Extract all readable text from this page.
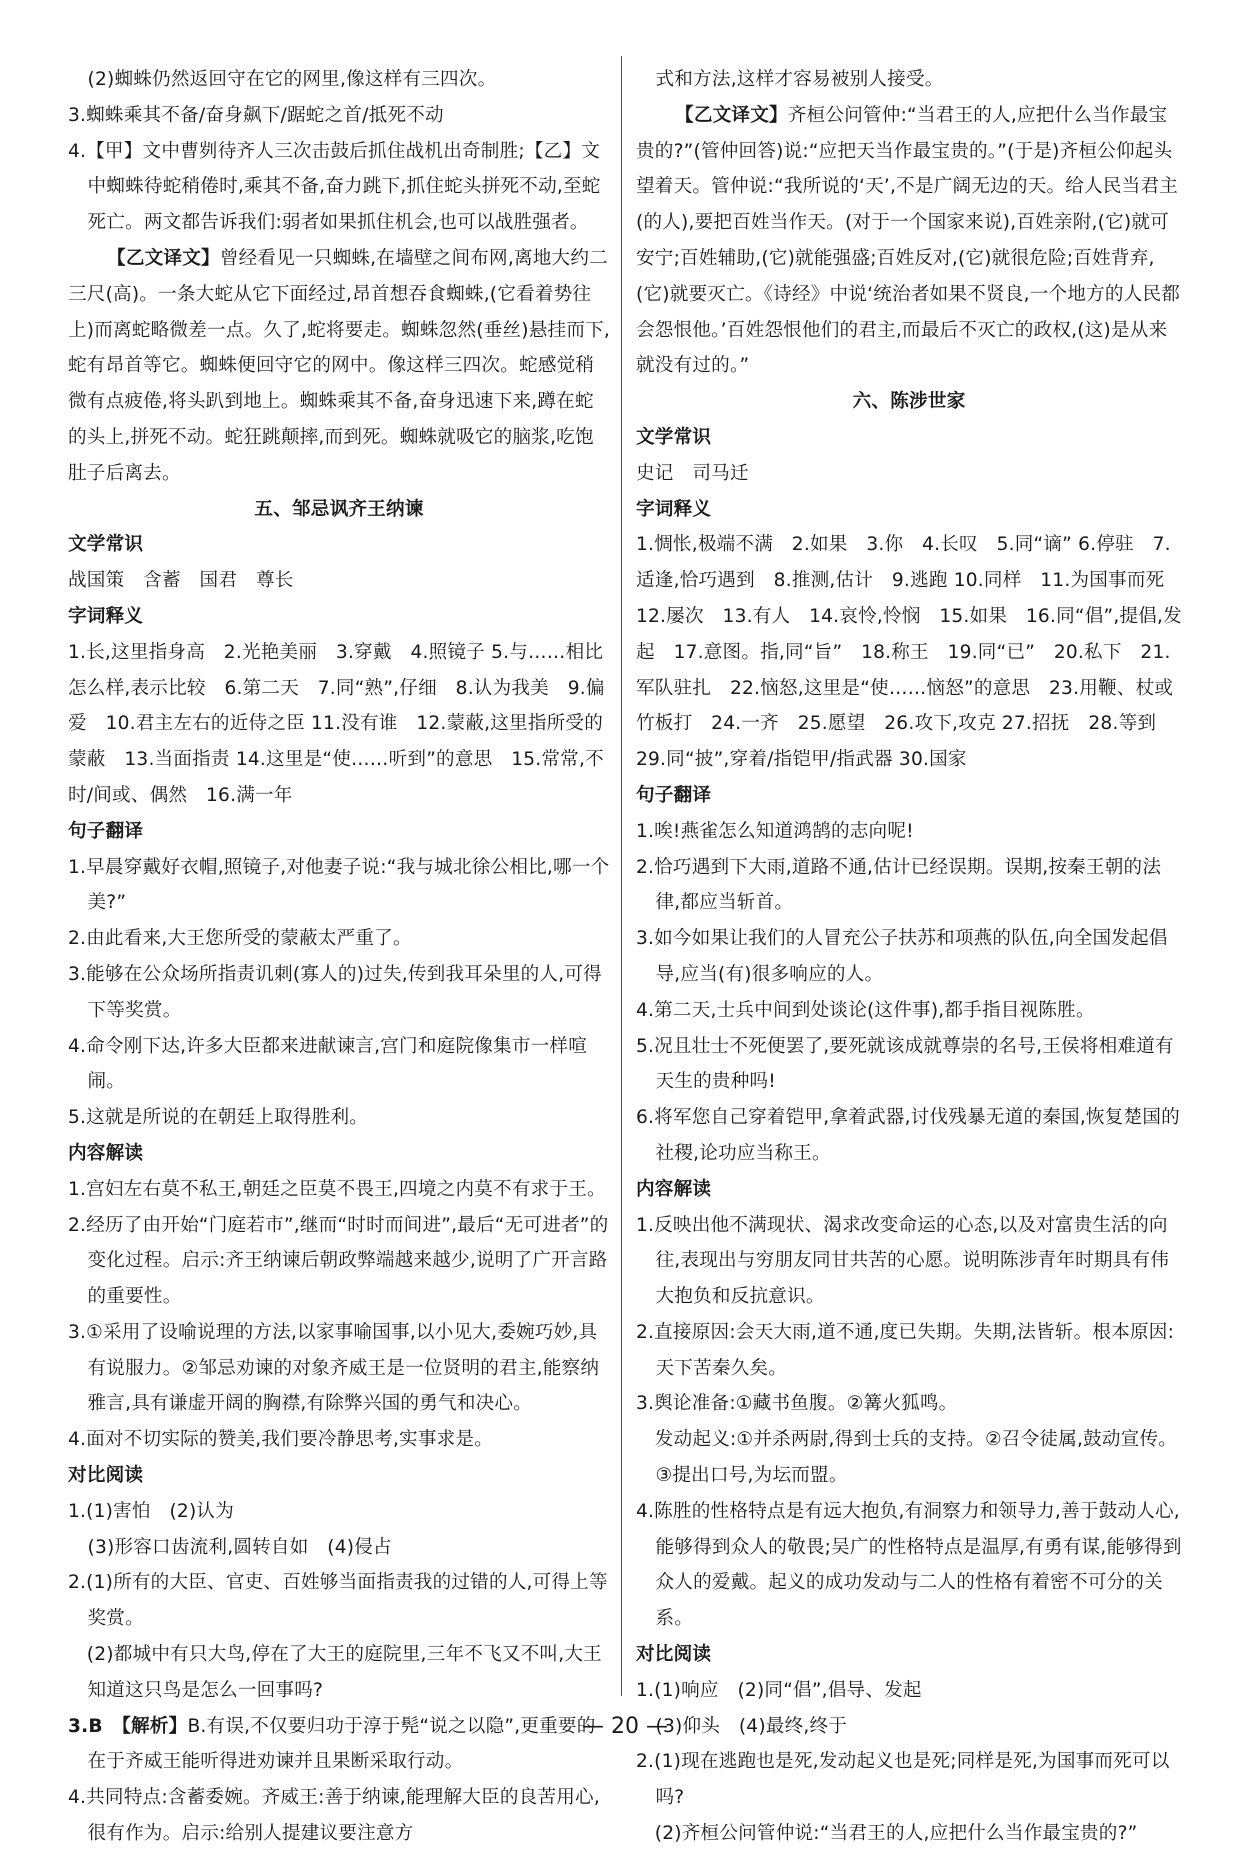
(2)蜘蛛仍然返回守在它的网里,像这样有三四次。
3.蜘蛛乘其不备/奋身飙下/踞蛇之首/抵死不动
4.【甲】文中曹刿待齐人三次击鼓后抓住战机出奇制胜;【乙】文中蜘蛛待蛇稍倦时,乘其不备,奋力跳下,抓住蛇头拼死不动,至蛇死亡。两文都告诉我们:弱者如果抓住机会,也可以战胜强者。
【乙文译文】曾经看见一只蜘蛛,在墙壁之间布网,离地大约二三尺(高)。一条大蛇从它下面经过,昂首想吞食蜘蛛,(它看着势往上)而离蛇略微差一点。久了,蛇将要走。蜘蛛忽然(垂丝)悬挂而下,蛇有昂首等它。蜘蛛便回守它的网中。像这样三四次。蛇感觉稍微有点疲倦,将头趴到地上。蜘蛛乘其不备,奋身迅速下来,蹲在蛇的头上,拼死不动。蛇狂跳颠摔,而到死。蜘蛛就吸它的脑浆,吃饱肚子后离去。
五、邹忌讽齐王纳谏
文学常识
战国策　含蓄　国君　尊长
字词释义
1.长,这里指身高　2.光艳美丽　3.穿戴　4.照镜子 5.与……相比怎么样,表示比较　6.第二天　7.同“熟”,仔细　8.认为我美　9.偏爱　10.君主左右的近侍之臣 11.没有谁　12.蒙蔽,这里指所受的蒙蔽　13.当面指责 14.这里是“使……听到”的意思　15.常常,不时/间或、偶然　16.满一年
句子翻译
1.早晨穿戴好衣帽,照镜子,对他妻子说:“我与城北徐公相比,哪一个美?”
2.由此看来,大王您所受的蒙蔽太严重了。
3.能够在公众场所指责讥刺(寡人的)过失,传到我耳朵里的人,可得下等奖赏。
4.命令刚下达,许多大臣都来进献谏言,宫门和庭院像集市一样喧闹。
5.这就是所说的在朝廷上取得胜利。
内容解读
1.宫妇左右莫不私王,朝廷之臣莫不畏王,四境之内莫不有求于王。
2.经历了由开始“门庭若市”,继而“时时而间进”,最后“无可进者”的变化过程。启示:齐王纳谏后朝政弊端越来越少,说明了广开言路的重要性。
3.①采用了设喻说理的方法,以家事喻国事,以小见大,委婉巧妙,具有说服力。②邹忌劝谏的对象齐威王是一位贤明的君主,能察纳雅言,具有谦虚开阔的胸襟,有除弊兴国的勇气和决心。
4.面对不切实际的赞美,我们要冷静思考,实事求是。
对比阅读
1.(1)害怕　(2)认为
(3)形容口齿流利,圆转自如　(4)侵占
2.(1)所有的大臣、官吏、百姓够当面指责我的过错的人,可得上等奖赏。
　(2)都城中有只大鸟,停在了大王的庭院里,三年不飞又不叫,大王知道这只鸟是怎么一回事吗?
3.B　【解析】B.有误,不仅要归功于淳于髡“说之以隐”,更重要的在于齐威王能听得进劝谏并且果断采取行动。
4.共同特点:含蓄委婉。齐威王:善于纳谏,能理解大臣的良苦用心,很有作为。启示:给别人提建议要注意方
式和方法,这样才容易被别人接受。
【乙文译文】齐桓公问管仲:“当君王的人,应把什么当作最宝贵的?”(管仲回答)说:“应把天当作最宝贵的。”(于是)齐桓公仰起头望着天。管仲说:“我所说的‘天’,不是广阔无边的天。给人民当君主(的人),要把百姓当作天。(对于一个国家来说),百姓亲附,(它)就可安宁;百姓辅助,(它)就能强盛;百姓反对,(它)就很危险;百姓背弃,(它)就要灭亡。《诗经》中说‘统治者如果不贤良,一个地方的人民都会怨恨他。’百姓怨恨他们的君主,而最后不灭亡的政权,(这)是从来就没有过的。”
六、陈涉世家
文学常识
史记　司马迁
字词释义
1.惆怅,极端不满　2.如果　3.你　4.长叹　5.同“谪” 6.停驻　7.适逢,恰巧遇到　8.推测,估计　9.逃跑 10.同样　11.为国事而死　12.屡次　13.有人　14.哀怜,怜悯　15.如果　16.同“倡”,提倡,发起　17.意图。指,同“旨”　18.称王　19.同“已”　20.私下　21.军队驻扎　22.恼怒,这里是“使……恼怒”的意思　23.用鞭、杖或竹板打　24.一齐　25.愿望　26.攻下,攻克 27.招抚　28.等到　29.同“披”,穿着/指铠甲/指武器 30.国家
句子翻译
1.唉!燕雀怎么知道鸿鹄的志向呢!
2.恰巧遇到下大雨,道路不通,估计已经误期。误期,按秦王朝的法律,都应当斩首。
3.如今如果让我们的人冒充公子扶苏和项燕的队伍,向全国发起倡导,应当(有)很多响应的人。
4.第二天,士兵中间到处谈论(这件事),都手指目视陈胜。
5.况且壮士不死便罢了,要死就该成就尊崇的名号,王侯将相难道有天生的贵种吗!
6.将军您自己穿着铠甲,拿着武器,讨伐残暴无道的秦国,恢复楚国的社稷,论功应当称王。
内容解读
1.反映出他不满现状、渴求改变命运的心态,以及对富贵生活的向往,表现出与穷朋友同甘共苦的心愿。说明陈涉青年时期具有伟大抱负和反抗意识。
2.直接原因:会天大雨,道不通,度已失期。失期,法皆斩。根本原因:天下苦秦久矣。
3.舆论准备:①藏书鱼腹。②篝火狐鸣。
　发动起义:①并杀两尉,得到士兵的支持。②召令徒属,鼓动宣传。③提出口号,为坛而盟。
4.陈胜的性格特点是有远大抱负,有洞察力和领导力,善于鼓动人心,能够得到众人的敬畏;吴广的性格特点是温厚,有勇有谋,能够得到众人的爱戴。起义的成功发动与二人的性格有着密不可分的关系。
对比阅读
1.(1)响应　(2)同“倡”,倡导、发起
(3)仰头　(4)最终,终于
2.(1)现在逃跑也是死,发动起义也是死;同样是死,为国事而死可以吗?
　(2)齐桓公问管仲说:“当君王的人,应把什么当作最宝贵的?”
— 20 —
